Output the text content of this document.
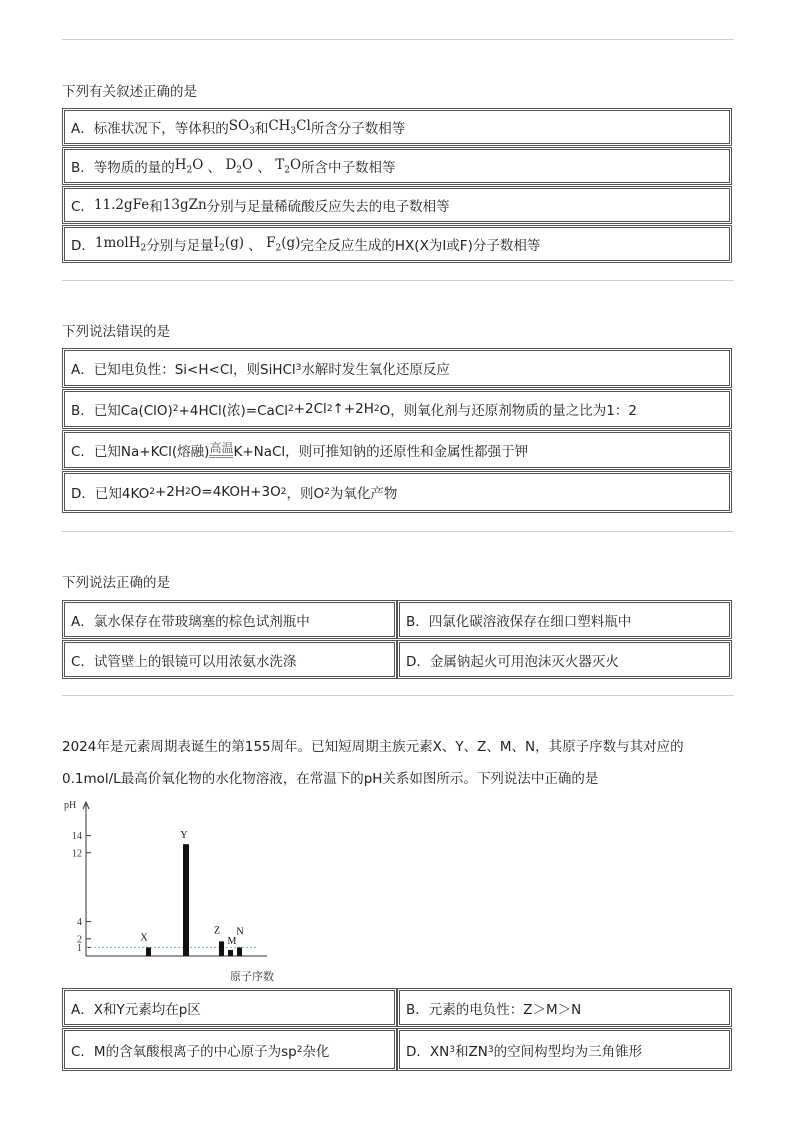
下列有关叙述正确的是
A．标准状况下，等体积的 $SO_3$ 和 $CH_3Cl$ 所含分子数相等
B．等物质的量的 $H_2O$ 、 $D_2O$ 、 $T_2O$ 所含中子数相等
C． 11.2gFe 和 13gZn 分别与足量稀硫酸反应失去的电子数相等
D． 1molH$_2$ 分别与足量 $I_2(g)$ 、 $F_2(g)$ 完全反应生成的HX(X为I或F)分子数相等
下列说法错误的是
A．已知电负性：Si<H<Cl，则SiHCl 3 水解时发生氧化还原反应
B．已知Ca(ClO) 2 +4HCl(浓)=CaCl 2 +2Cl 2 ↑+2H 2 O，则氧化剂与还原剂物质的量之比为1：2
C．已知Na+KCl(熔融) 高温 K+NaCl，则可推知钠的还原性和金属性都强于钾
D．已知4KO 2 +2H 2 O=4KOH+3O 2 ，则O 2 为氧化产物
下列说法正确的是
A．氯水保存在带玻璃塞的棕色试剂瓶中	B．四氯化碳溶液保存在细口塑料瓶中
C．试管壁上的银镜可以用浓氨水洗涤	D．金属钠起火可用泡沫灭火器灭火
2024年是元素周期表诞生的第155周年。已知短周期主族元素X、Y、Z、M、N，其原子序数与其对应的
0.1mol/L最高价氧化物的水化物溶液，在常温下的pH关系如图所示。下列说法中正确的是
pH
原子序数
1
2
4
12
14
X
Y
Z
M
N
A．X和Y元素均在p区	B．元素的电负性：Z＞M＞N
C．M的含氧酸根离子的中心原子为sp 2 杂化	D．XN 3 和ZN 3 的空间构型均为三角锥形
